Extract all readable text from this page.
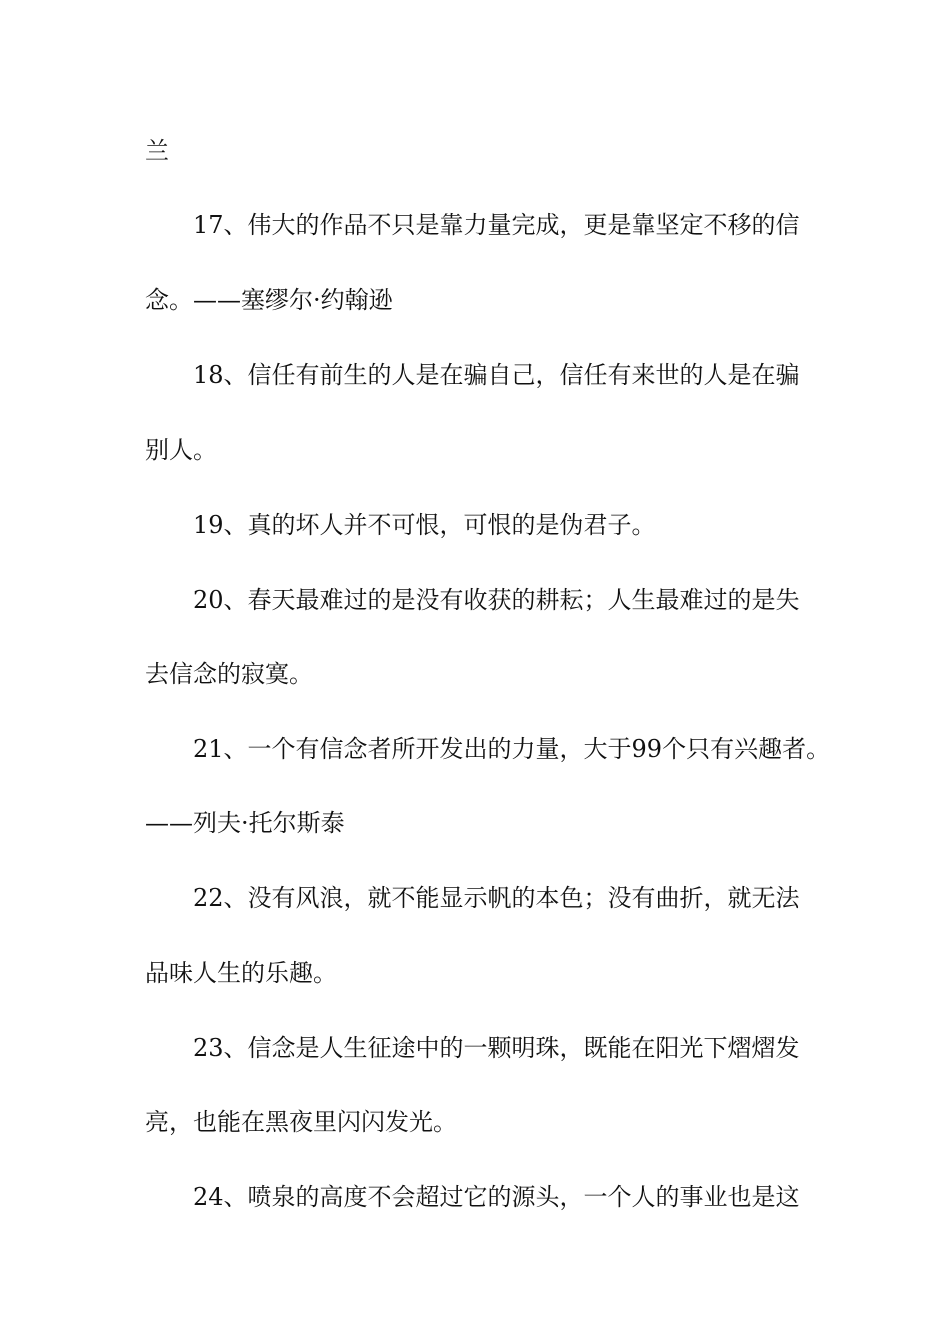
兰
17、伟大的作品不只是靠力量完成，更是靠坚定不移的信
念。——塞缪尔·约翰逊
18、信任有前生的人是在骗自己，信任有来世的人是在骗
别人。
19、真的坏人并不可恨，可恨的是伪君子。
20、春天最难过的是没有收获的耕耘；人生最难过的是失
去信念的寂寞。
21、一个有信念者所开发出的力量，大于99个只有兴趣者。
——列夫·托尔斯泰
22、没有风浪，就不能显示帆的本色；没有曲折，就无法
品味人生的乐趣。
23、信念是人生征途中的一颗明珠，既能在阳光下熠熠发
亮，也能在黑夜里闪闪发光。
24、喷泉的高度不会超过它的源头，一个人的事业也是这
